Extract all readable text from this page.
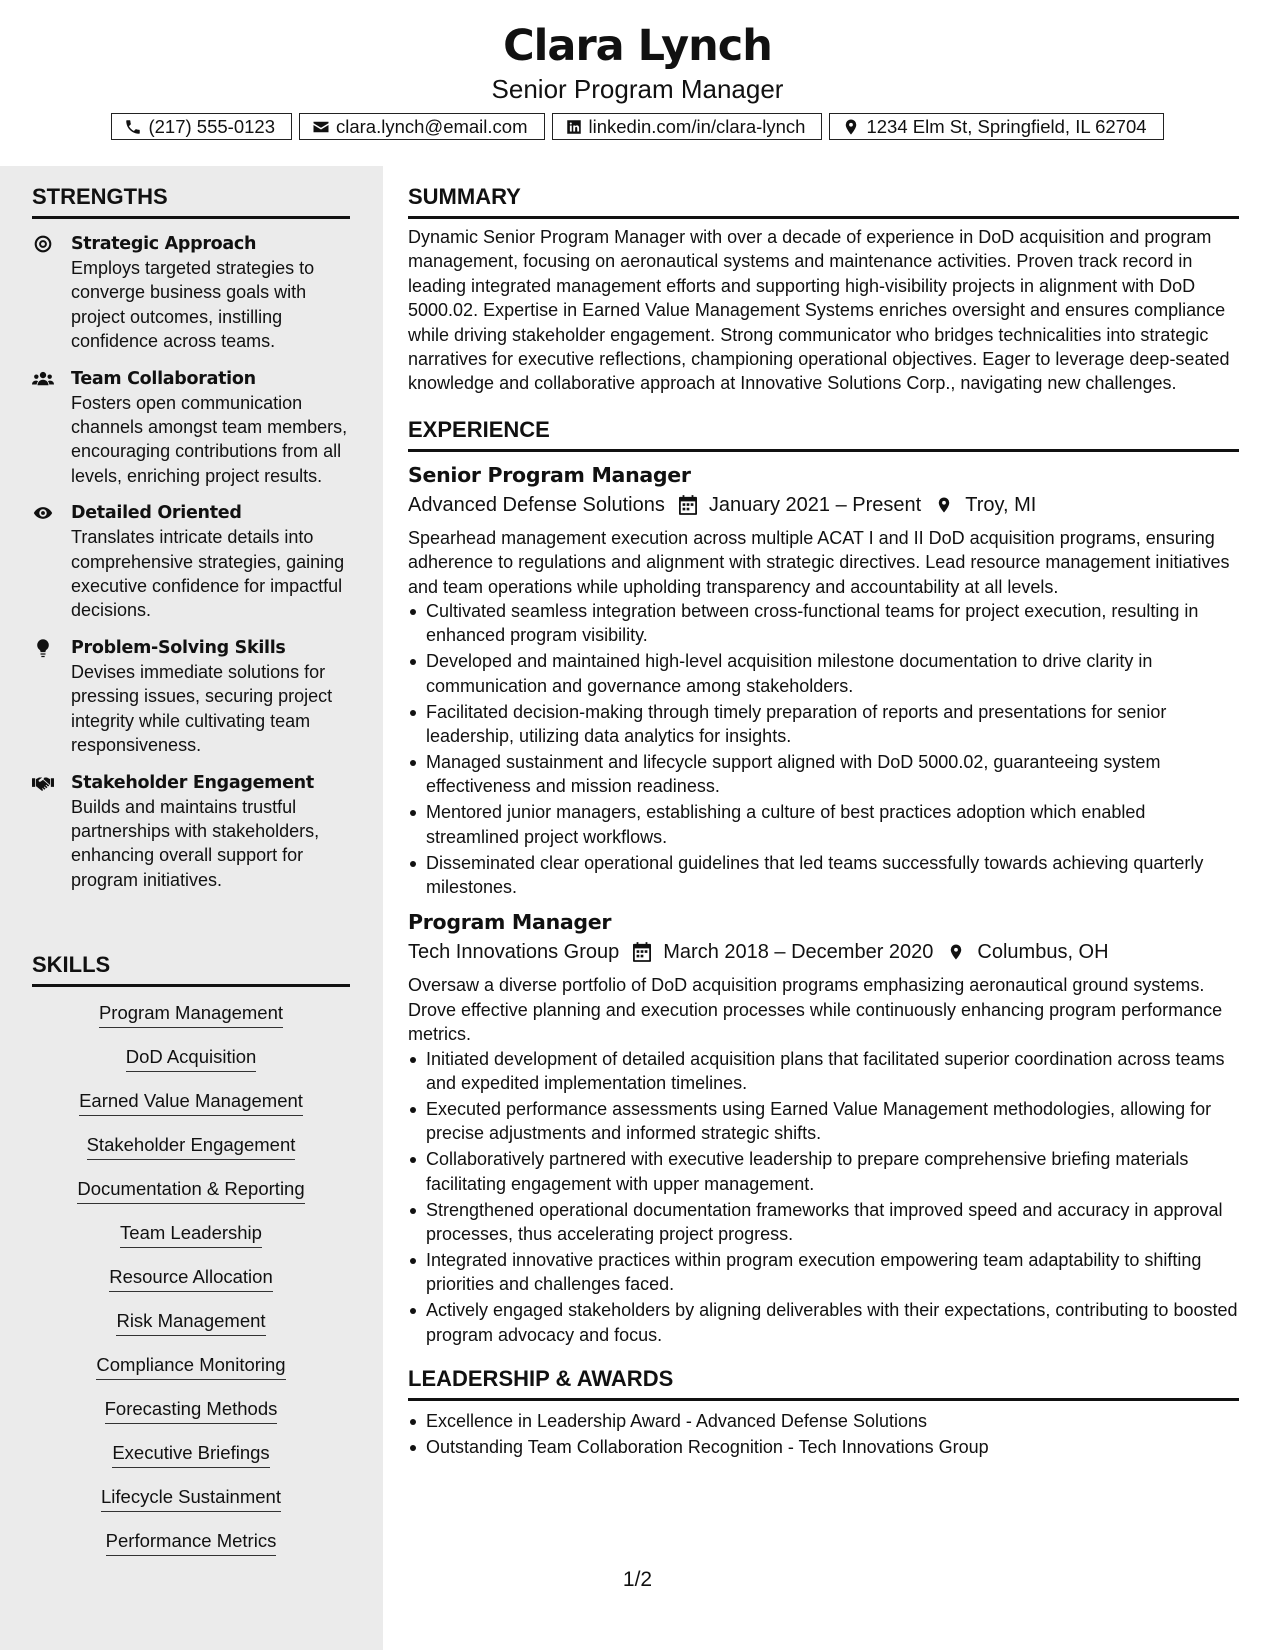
Clara Lynch
Senior Program Manager
(217) 555-0123	clara.lynch@email.com	linkedin.com/in/clara-lynch	1234 Elm St, Springfield, IL 62704
STRENGTHS
Strategic Approach
Employs targeted strategies to converge business goals with project outcomes, instilling confidence across teams.
Team Collaboration
Fosters open communication channels amongst team members, encouraging contributions from all levels, enriching project results.
Detailed Oriented
Translates intricate details into comprehensive strategies, gaining executive confidence for impactful decisions.
Problem-Solving Skills
Devises immediate solutions for pressing issues, securing project integrity while cultivating team responsiveness.
Stakeholder Engagement
Builds and maintains trustful partnerships with stakeholders, enhancing overall support for program initiatives.
SKILLS
Program Management
DoD Acquisition
Earned Value Management
Stakeholder Engagement
Documentation & Reporting
Team Leadership
Resource Allocation
Risk Management
Compliance Monitoring
Forecasting Methods
Executive Briefings
Lifecycle Sustainment
Performance Metrics
SUMMARY
Dynamic Senior Program Manager with over a decade of experience in DoD acquisition and program management, focusing on aeronautical systems and maintenance activities. Proven track record in leading integrated management efforts and supporting high-visibility projects in alignment with DoD 5000.02. Expertise in Earned Value Management Systems enriches oversight and ensures compliance while driving stakeholder engagement. Strong communicator who bridges technicalities into strategic narratives for executive reflections, championing operational objectives. Eager to leverage deep-seated knowledge and collaborative approach at Innovative Solutions Corp., navigating new challenges.
EXPERIENCE
Senior Program Manager
Advanced Defense Solutions January 2021 – Present Troy, MI
Spearhead management execution across multiple ACAT I and II DoD acquisition programs, ensuring adherence to regulations and alignment with strategic directives. Lead resource management initiatives and team operations while upholding transparency and accountability at all levels.
Cultivated seamless integration between cross-functional teams for project execution, resulting in enhanced program visibility.
Developed and maintained high-level acquisition milestone documentation to drive clarity in communication and governance among stakeholders.
Facilitated decision-making through timely preparation of reports and presentations for senior leadership, utilizing data analytics for insights.
Managed sustainment and lifecycle support aligned with DoD 5000.02, guaranteeing system effectiveness and mission readiness.
Mentored junior managers, establishing a culture of best practices adoption which enabled streamlined project workflows.
Disseminated clear operational guidelines that led teams successfully towards achieving quarterly milestones.
Program Manager
Tech Innovations Group March 2018 – December 2020 Columbus, OH
Oversaw a diverse portfolio of DoD acquisition programs emphasizing aeronautical ground systems. Drove effective planning and execution processes while continuously enhancing program performance metrics.
Initiated development of detailed acquisition plans that facilitated superior coordination across teams and expedited implementation timelines.
Executed performance assessments using Earned Value Management methodologies, allowing for precise adjustments and informed strategic shifts.
Collaboratively partnered with executive leadership to prepare comprehensive briefing materials facilitating engagement with upper management.
Strengthened operational documentation frameworks that improved speed and accuracy in approval processes, thus accelerating project progress.
Integrated innovative practices within program execution empowering team adaptability to shifting priorities and challenges faced.
Actively engaged stakeholders by aligning deliverables with their expectations, contributing to boosted program advocacy and focus.
LEADERSHIP & AWARDS
Excellence in Leadership Award - Advanced Defense Solutions
Outstanding Team Collaboration Recognition - Tech Innovations Group
1/2
